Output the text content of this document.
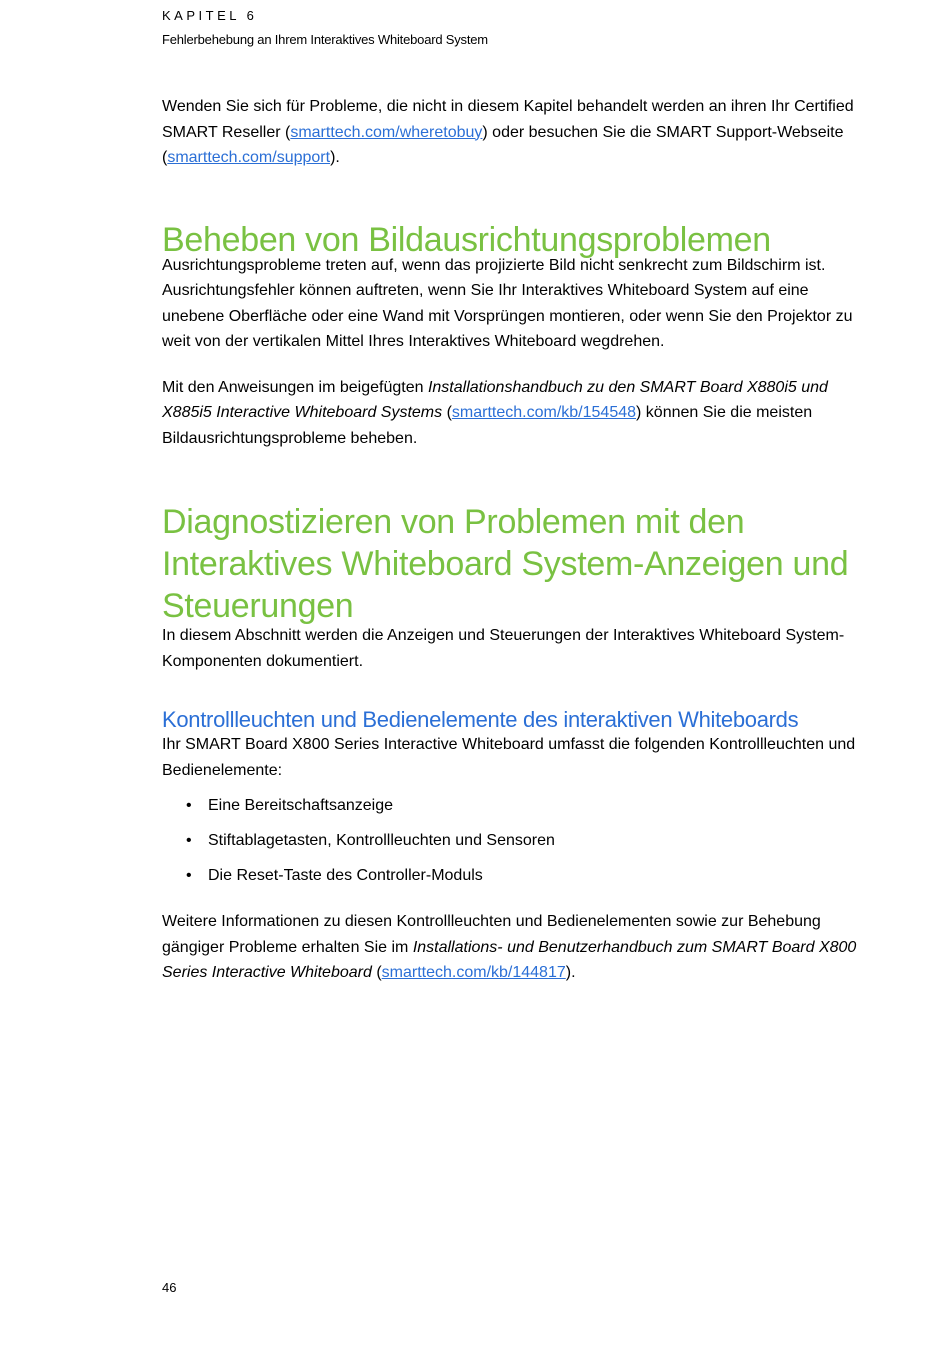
KAPITEL 6
Fehlerbehebung an Ihrem Interaktives Whiteboard System

Wenden Sie sich für Probleme, die nicht in diesem Kapitel behandelt werden an ihren Ihr Certified SMART Reseller (smarttech.com/wheretobuy) oder besuchen Sie die SMART Support-Webseite (smarttech.com/support).

Beheben von Bildausrichtungsproblemen

Ausrichtungsprobleme treten auf, wenn das projizierte Bild nicht senkrecht zum Bildschirm ist. Ausrichtungsfehler können auftreten, wenn Sie Ihr Interaktives Whiteboard System auf eine unebene Oberfläche oder eine Wand mit Vorsprüngen montieren, oder wenn Sie den Projektor zu weit von der vertikalen Mittel Ihres Interaktives Whiteboard wegdrehen.

Mit den Anweisungen im beigefügten Installationshandbuch zu den SMART Board X880i5 und X885i5 Interactive Whiteboard Systems (smarttech.com/kb/154548) können Sie die meisten Bildausrichtungsprobleme beheben.

Diagnostizieren von Problemen mit den Interaktives Whiteboard System-Anzeigen und Steuerungen

In diesem Abschnitt werden die Anzeigen und Steuerungen der Interaktives Whiteboard System-Komponenten dokumentiert.

Kontrollleuchten und Bedienelemente des interaktiven Whiteboards

Ihr SMART Board X800 Series Interactive Whiteboard umfasst die folgenden Kontrollleuchten und Bedienelemente:

• Eine Bereitschaftsanzeige
• Stiftablagetasten, Kontrollleuchten und Sensoren
• Die Reset-Taste des Controller-Moduls

Weitere Informationen zu diesen Kontrollleuchten und Bedienelementen sowie zur Behebung gängiger Probleme erhalten Sie im Installations- und Benutzerhandbuch zum SMART Board X800 Series Interactive Whiteboard (smarttech.com/kb/144817).

46
